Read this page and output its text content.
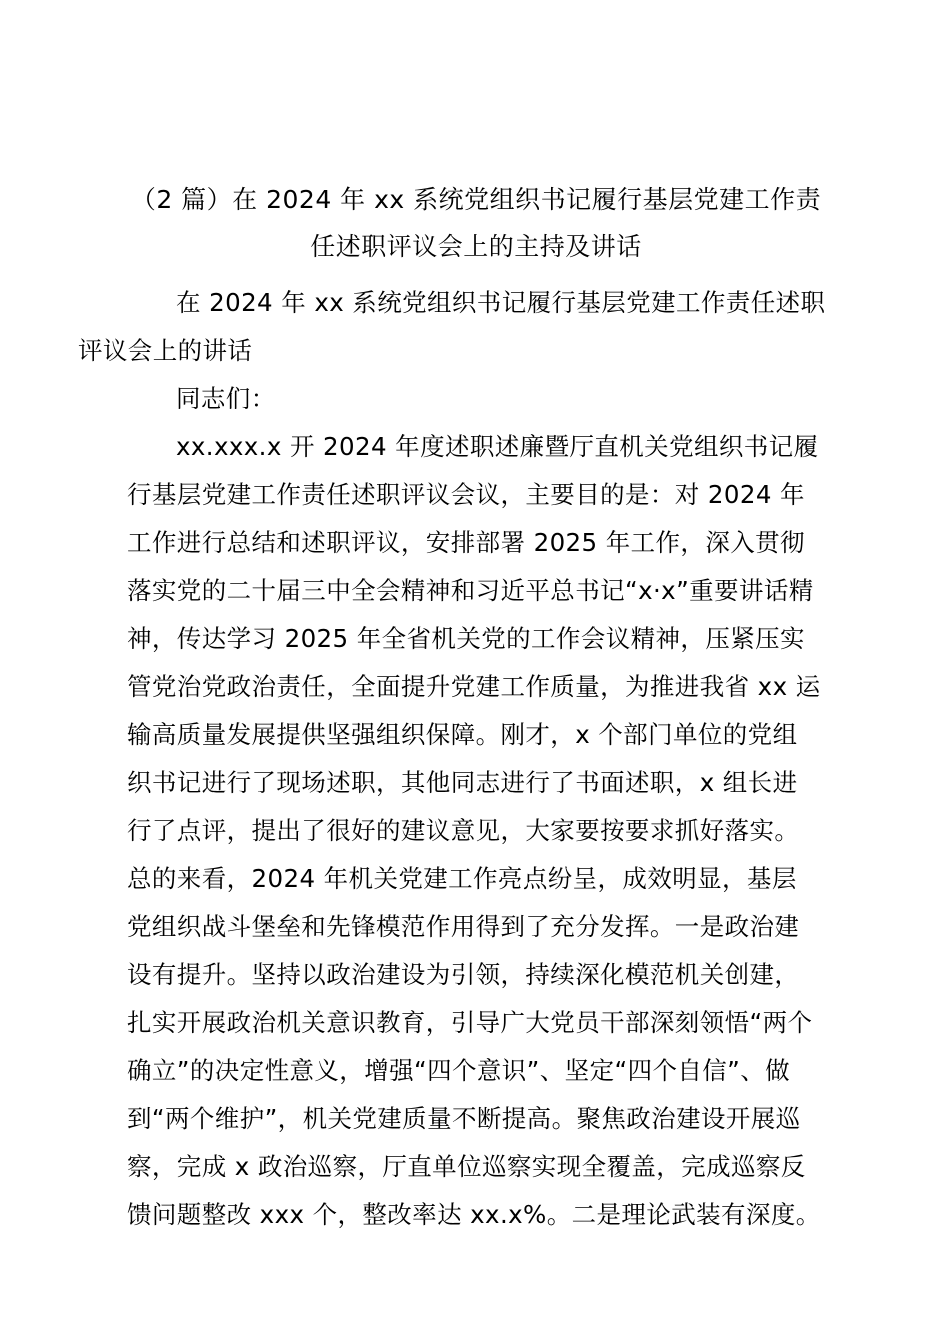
（2 篇）在 2024 年 xx 系统党组织书记履行基层党建工作责
任述职评议会上的主持及讲话

在 2024 年 xx 系统党组织书记履行基层党建工作责任述职
评议会上的讲话

同志们：

xx.xxx.x 开 2024 年度述职述廉暨厅直机关党组织书记履
行基层党建工作责任述职评议会议，主要目的是：对 2024 年
工作进行总结和述职评议，安排部署 2025 年工作，深入贯彻
落实党的二十届三中全会精神和习近平总书记“x·x”重要讲话精
神，传达学习 2025 年全省机关党的工作会议精神，压紧压实
管党治党政治责任，全面提升党建工作质量，为推进我省 xx 运
输高质量发展提供坚强组织保障。刚才，x 个部门单位的党组
织书记进行了现场述职，其他同志进行了书面述职，x 组长进
行了点评，提出了很好的建议意见，大家要按要求抓好落实。
总的来看，2024 年机关党建工作亮点纷呈，成效明显，基层
党组织战斗堡垒和先锋模范作用得到了充分发挥。一是政治建
设有提升。坚持以政治建设为引领，持续深化模范机关创建，
扎实开展政治机关意识教育，引导广大党员干部深刻领悟“两个
确立”的决定性意义，增强“四个意识”、坚定“四个自信”、做
到“两个维护”，机关党建质量不断提高。聚焦政治建设开展巡
察，完成 x 政治巡察，厅直单位巡察实现全覆盖，完成巡察反
馈问题整改 xxx 个，整改率达 xx.x%。二是理论武装有深度。
